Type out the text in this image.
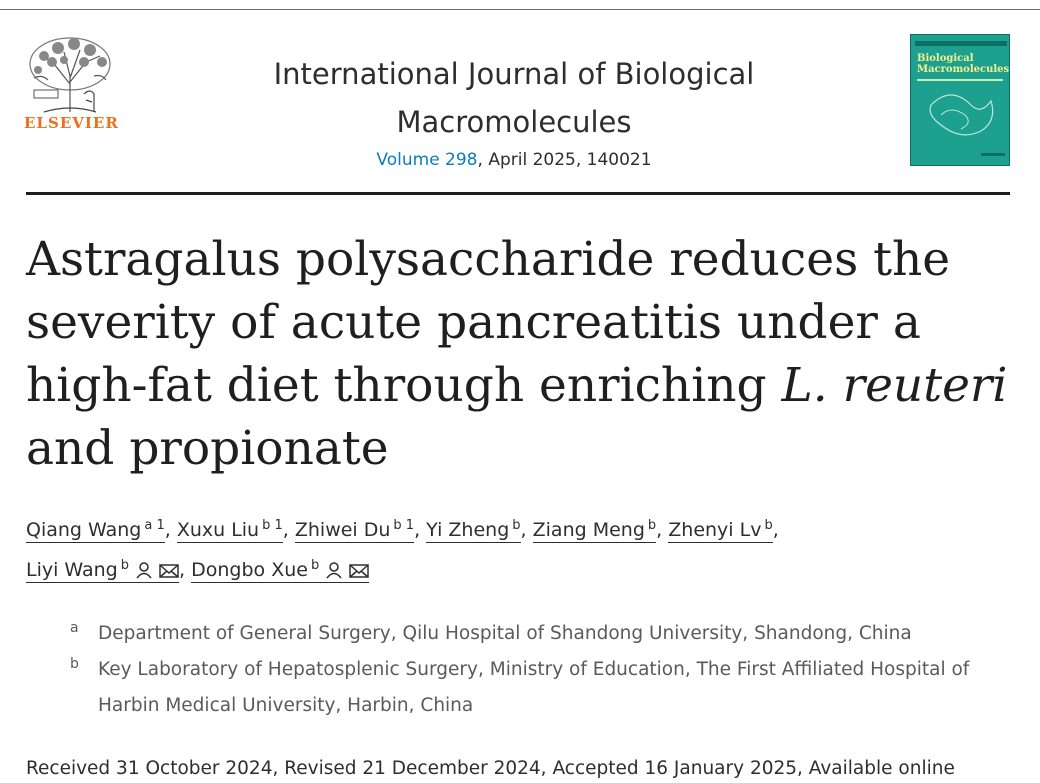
ELSEVIER
International Journal of Biological
Macromolecules
Volume 298, April 2025, 140021
Biological Macromolecules
Astragalus polysaccharide reduces the severity of acute pancreatitis under a high-fat diet through enriching L. reuteri and propionate
Qiang Wang $^{a 1}$, Xuxu Liu $^{b 1}$, Zhiwei Du $^{b 1}$, Yi Zheng $^b$, Ziang Meng $^b$, Zhenyi Lv $^b$,
Liyi Wang $^b$	, Dongbo Xue $^b$
a	Department of General Surgery, Qilu Hospital of Shandong University, Shandong, China
b	Key Laboratory of Hepatosplenic Surgery, Ministry of Education, The First Affiliated Hospital of Harbin Medical University, Harbin, China
Received 31 October 2024, Revised 21 December 2024, Accepted 16 January 2025, Available online
